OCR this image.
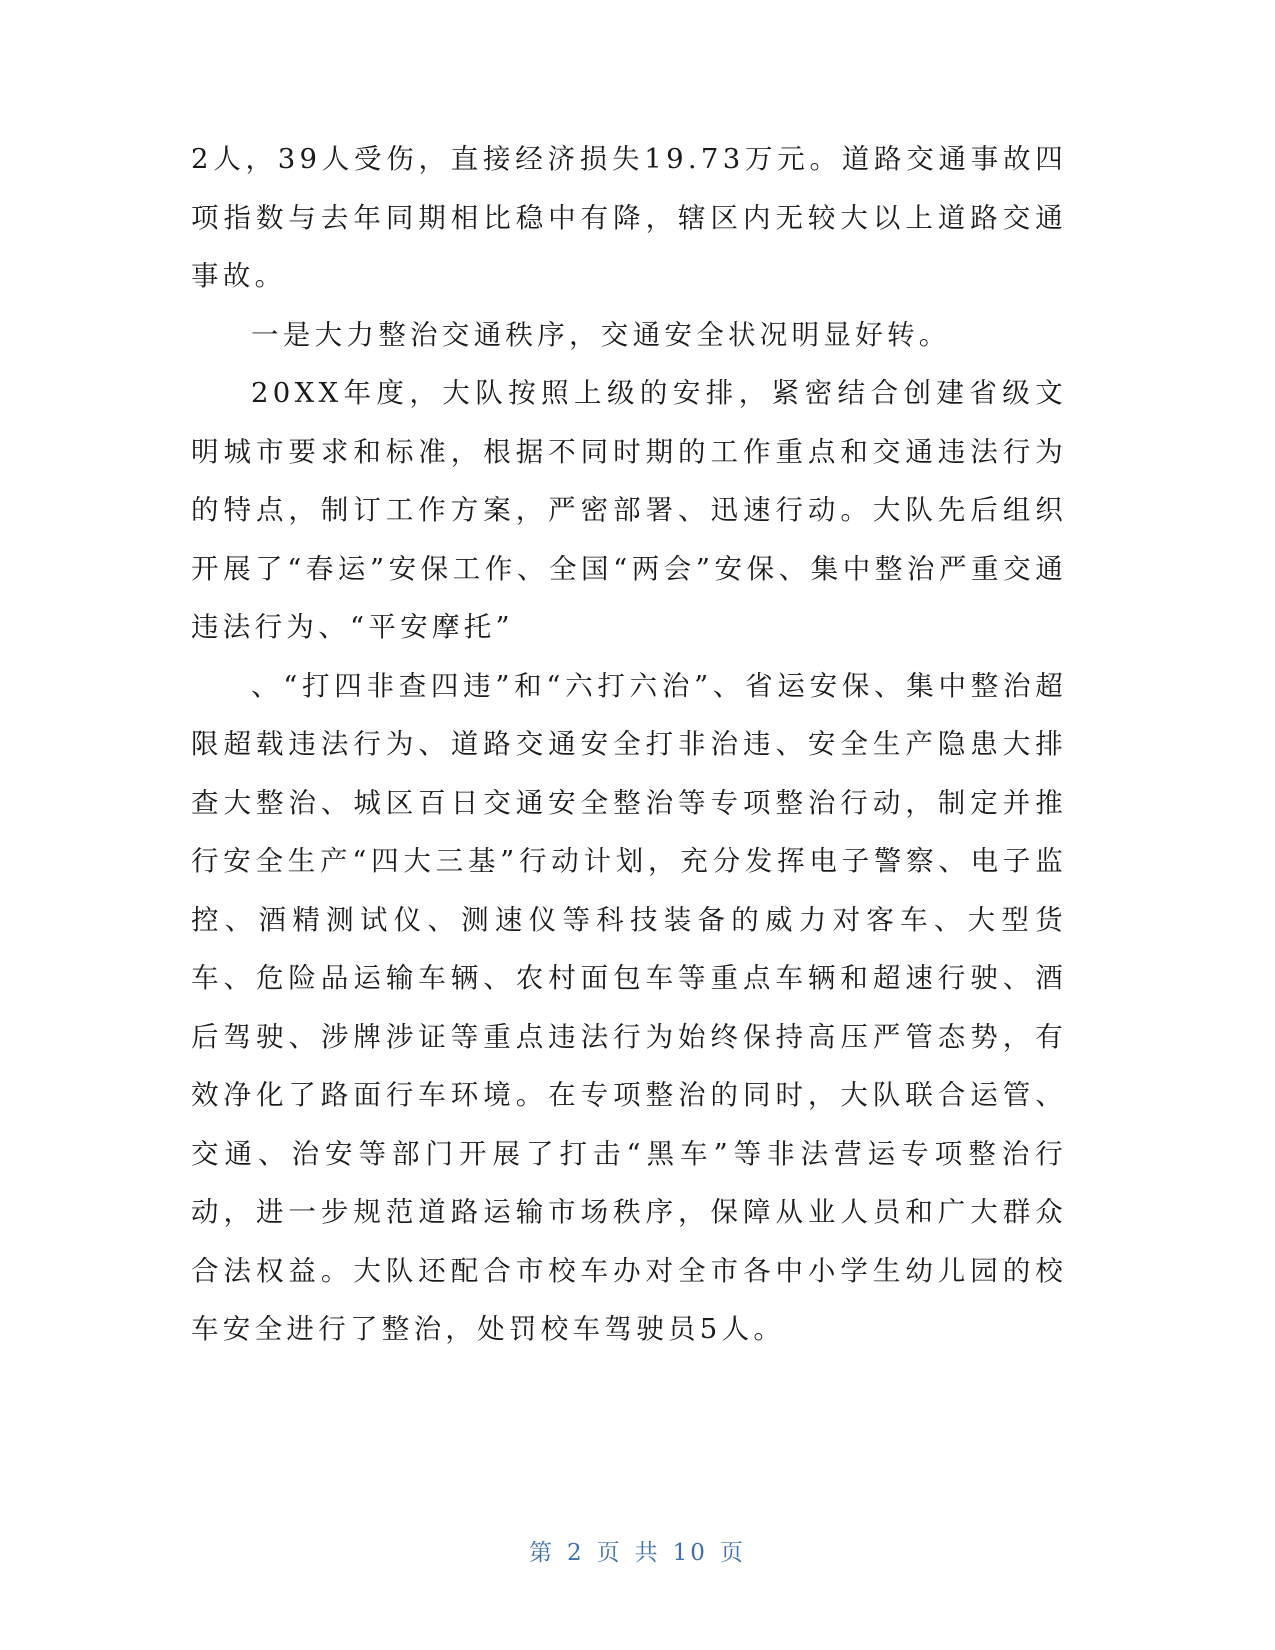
2人，39人受伤，直接经济损失19.73万元。道路交通事故四项指数与去年同期相比稳中有降，辖区内无较大以上道路交通事故。

一是大力整治交通秩序，交通安全状况明显好转。

20XX年度，大队按照上级的安排，紧密结合创建省级文明城市要求和标准，根据不同时期的工作重点和交通违法行为的特点，制订工作方案，严密部署、迅速行动。大队先后组织开展了“春运”安保工作、全国“两会”安保、集中整治严重交通违法行为、“平安摩托”

、“打四非查四违”和“六打六治”、省运安保、集中整治超限超载违法行为、道路交通安全打非治违、安全生产隐患大排查大整治、城区百日交通安全整治等专项整治行动，制定并推行安全生产“四大三基”行动计划，充分发挥电子警察、电子监控、酒精测试仪、测速仪等科技装备的威力对客车、大型货车、危险品运输车辆、农村面包车等重点车辆和超速行驶、酒后驾驶、涉牌涉证等重点违法行为始终保持高压严管态势，有效净化了路面行车环境。在专项整治的同时，大队联合运管、交通、治安等部门开展了打击“黑车”等非法营运专项整治行动，进一步规范道路运输市场秩序，保障从业人员和广大群众合法权益。大队还配合市校车办对全市各中小学生幼儿园的校车安全进行了整治，处罚校车驾驶员5人。

第 2 页 共 10 页
